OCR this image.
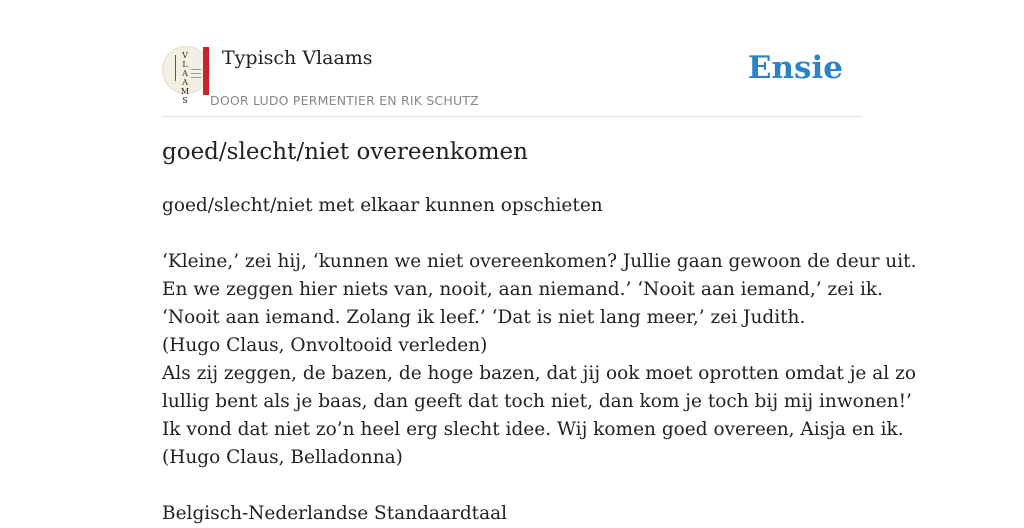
V
L
A
A
M
S
Typisch Vlaams
DOOR LUDO PERMENTIER EN RIK SCHUTZ
Ensie
goed/slecht/niet overeenkomen
goed/slecht/niet met elkaar kunnen opschieten
‘Kleine,’ zei hij, ‘kunnen we niet overeenkomen? Jullie gaan gewoon de deur uit.
En we zeggen hier niets van, nooit, aan niemand.’ ‘Nooit aan iemand,’ zei ik.
‘Nooit aan iemand. Zolang ik leef.’ ‘Dat is niet lang meer,’ zei Judith.
(Hugo Claus, Onvoltooid verleden)
Als zij zeggen, de bazen, de hoge bazen, dat jij ook moet oprotten omdat je al zo
lullig bent als je baas, dan geeft dat toch niet, dan kom je toch bij mij inwonen!’
Ik vond dat niet zo’n heel erg slecht idee. Wij komen goed overeen, Aisja en ik.
(Hugo Claus, Belladonna)
Belgisch-Nederlandse Standaardtaal
